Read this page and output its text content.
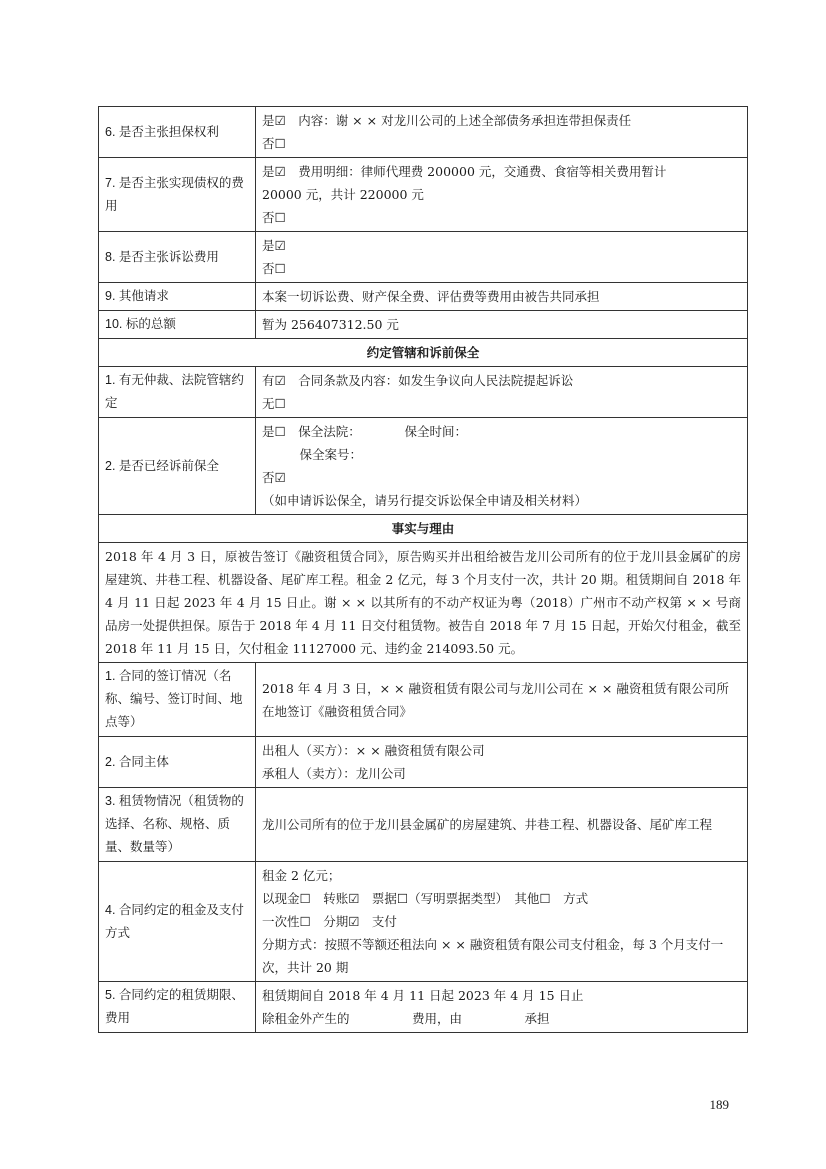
6. 是否主张担保权利	是☑　内容：谢 × × 对龙川公司的上述全部债务承担连带担保责任
否☐

7. 是否主张实现债权的费用	是☑　费用明细：律师代理费 200000 元，交通费、食宿等相关费用暂计
20000 元，共计 220000 元
否☐

8. 是否主张诉讼费用	是☑
否☐

9. 其他请求	本案一切诉讼费、财产保全费、评估费等费用由被告共同承担

10. 标的总额	暂为 256407312.50 元

约定管辖和诉前保全	
1. 有无仲裁、法院管辖约定	有☑　合同条款及内容：如发生争议向人民法院提起诉讼
无☐

2. 是否已经诉前保全	是☐　保全法院：　　　　保全时间：
　　　保全案号：
否☑
（如申请诉讼保全，请另行提交诉讼保全申请及相关材料）

事实与理由	
2018 年 4 月 3 日，原被告签订《融资租赁合同》，原告购买并出租给被告龙川公司所有的位于龙川县金属矿的房屋建筑、井巷工程、机器设备、尾矿库工程。租金 2 亿元，每 3 个月支付一次，共计 20 期。租赁期间自 2018 年 4 月 11 日起 2023 年 4 月 15 日止。谢 × × 以其所有的不动产权证为粤（2018）广州市不动产权第 × × 号商品房一处提供担保。原告于 2018 年 4 月 11 日交付租赁物。被告自 2018 年 7 月 15 日起，开始欠付租金，截至 2018 年 11 月 15 日，欠付租金 11127000 元、违约金 214093.50 元。	
1. 合同的签订情况（名称、编号、签订时间、地点等）	2018 年 4 月 3 日，× × 融资租赁有限公司与龙川公司在 × × 融资租赁有限公司所在地签订《融资租赁合同》

2. 合同主体	出租人（买方）：× × 融资租赁有限公司
承租人（卖方）：龙川公司

3. 租赁物情况（租赁物的选择、名称、规格、质量、数量等）	龙川公司所有的位于龙川县金属矿的房屋建筑、井巷工程、机器设备、尾矿库工程

4. 合同约定的租金及支付方式	租金 2 亿元；
以现金☐　转账☑　票据☐（写明票据类型）　其他☐　方式
一次性☐　分期☑　支付
分期方式：按照不等额还租法向 × × 融资租赁有限公司支付租金，每 3 个月支付一次，共计 20 期

5. 合同约定的租赁期限、费用	租赁期间自 2018 年 4 月 11 日起 2023 年 4 月 15 日止
除租金外产生的　　　　　费用，由　　　　　承担
189
